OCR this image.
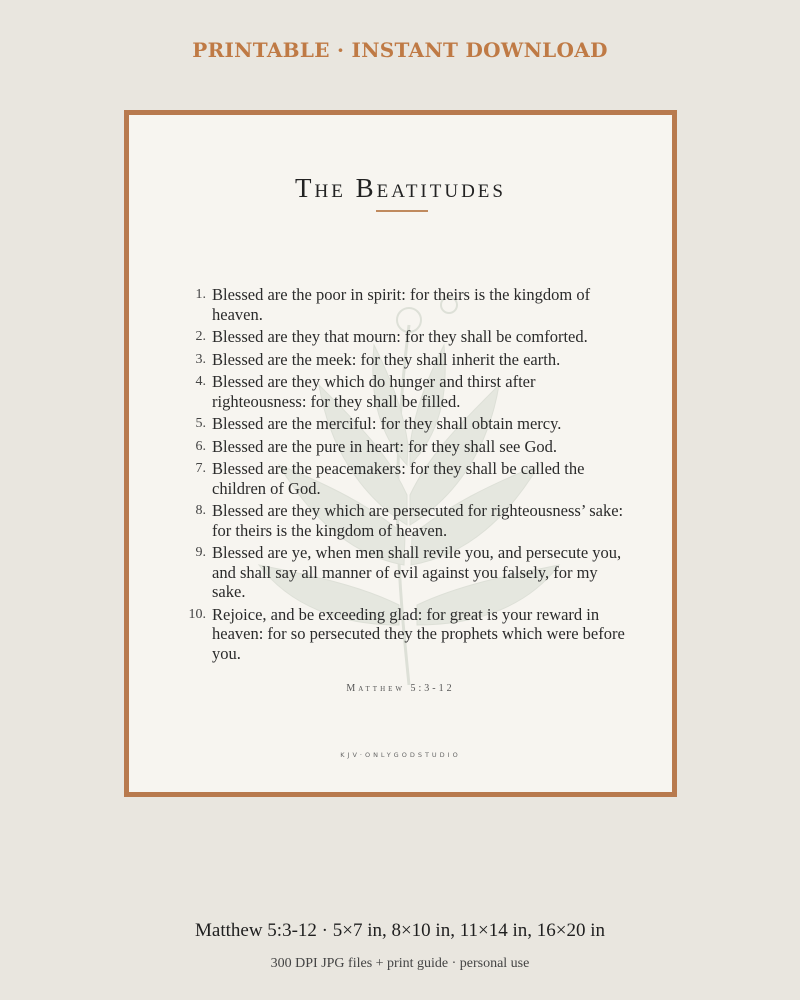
PRINTABLE · INSTANT DOWNLOAD
The Beatitudes
1. Blessed are the poor in spirit: for theirs is the kingdom of heaven.
2. Blessed are they that mourn: for they shall be comforted.
3. Blessed are the meek: for they shall inherit the earth.
4. Blessed are they which do hunger and thirst after righteousness: for they shall be filled.
5. Blessed are the merciful: for they shall obtain mercy.
6. Blessed are the pure in heart: for they shall see God.
7. Blessed are the peacemakers: for they shall be called the children of God.
8. Blessed are they which are persecuted for righteousness’ sake: for theirs is the kingdom of heaven.
9. Blessed are ye, when men shall revile you, and persecute you, and shall say all manner of evil against you falsely, for my sake.
10. Rejoice, and be exceeding glad: for great is your reward in heaven: for so persecuted they the prophets which were before you.
Matthew 5:3-12
KJV·ONLYGODSTUDIO
Matthew 5:3-12 · 5×7 in, 8×10 in, 11×14 in, 16×20 in
300 DPI JPG files + print guide · personal use
